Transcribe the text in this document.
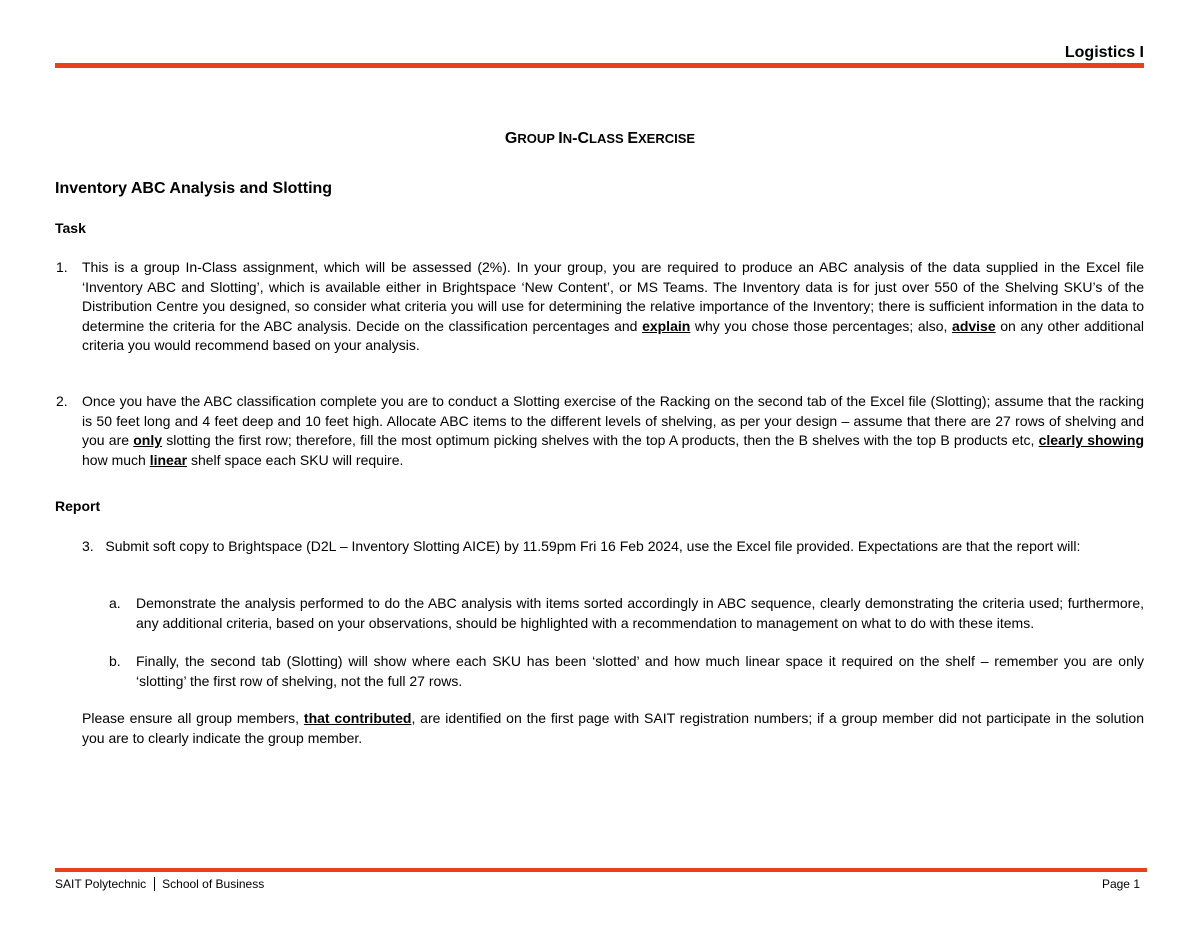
Logistics I
GROUP IN-CLASS EXERCISE
Inventory ABC Analysis and Slotting
Task
1. This is a group In-Class assignment, which will be assessed (2%). In your group, you are required to produce an ABC analysis of the data supplied in the Excel file ‘Inventory ABC and Slotting’, which is available either in Brightspace ‘New Content’, or MS Teams. The Inventory data is for just over 550 of the Shelving SKU’s of the Distribution Centre you designed, so consider what criteria you will use for determining the relative importance of the Inventory; there is sufficient information in the data to determine the criteria for the ABC analysis. Decide on the classification percentages and explain why you chose those percentages; also, advise on any other additional criteria you would recommend based on your analysis.

2. Once you have the ABC classification complete you are to conduct a Slotting exercise of the Racking on the second tab of the Excel file (Slotting); assume that the racking is 50 feet long and 4 feet deep and 10 feet high. Allocate ABC items to the different levels of shelving, as per your design – assume that there are 27 rows of shelving and you are only slotting the first row; therefore, fill the most optimum picking shelves with the top A products, then the B shelves with the top B products etc, clearly showing how much linear shelf space each SKU will require.

Report

3. Submit soft copy to Brightspace (D2L – Inventory Slotting AICE) by 11.59pm Fri 16 Feb 2024, use the Excel file provided. Expectations are that the report will:

a. Demonstrate the analysis performed to do the ABC analysis with items sorted accordingly in ABC sequence, clearly demonstrating the criteria used; furthermore, any additional criteria, based on your observations, should be highlighted with a recommendation to management on what to do with these items.

b. Finally, the second tab (Slotting) will show where each SKU has been ‘slotted’ and how much linear space it required on the shelf – remember you are only ‘slotting’ the first row of shelving, not the full 27 rows.

Please ensure all group members, that contributed, are identified on the first page with SAIT registration numbers; if a group member did not participate in the solution you are to clearly indicate the group member.

SAIT Polytechnic School of Business	Page 1
